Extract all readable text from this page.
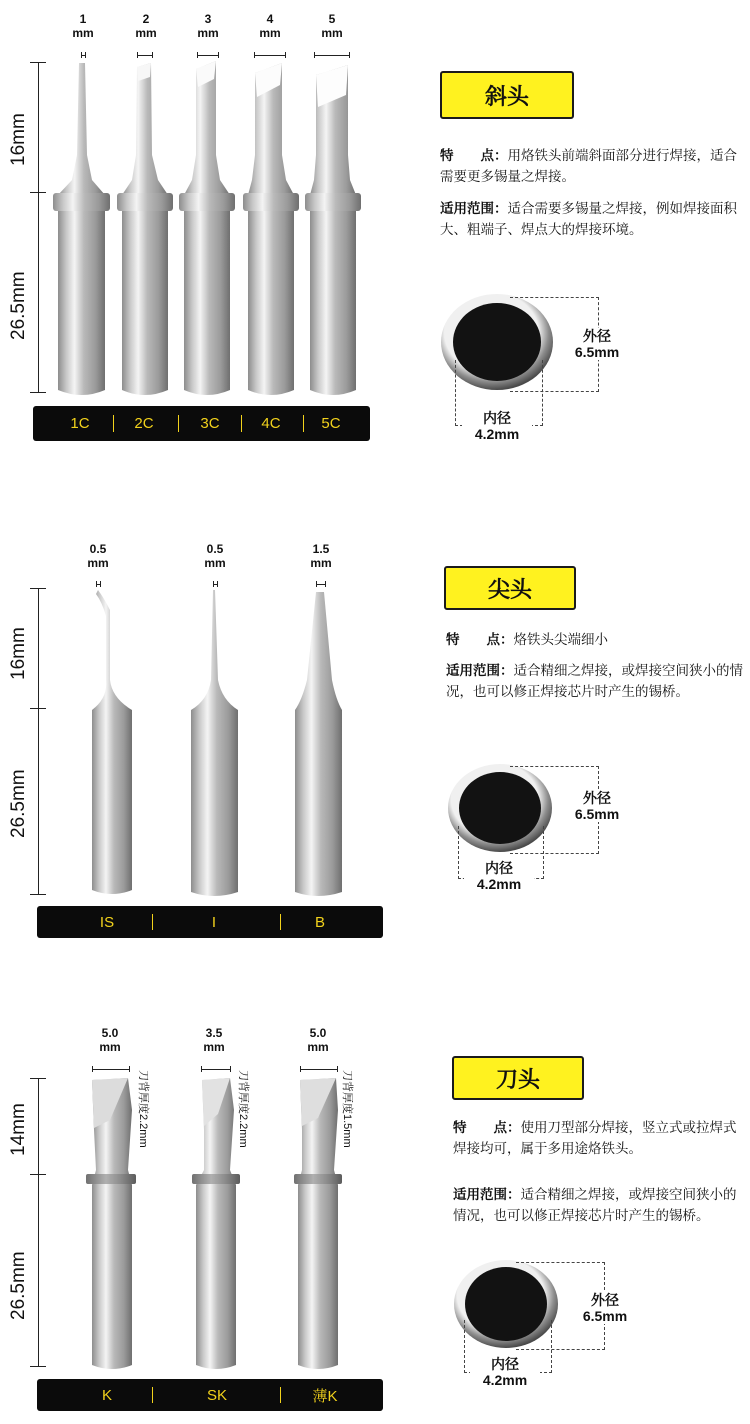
16mm
26.5mm
1
mm
2
mm
3
mm
4
mm
5
mm
1C	2C	3C	4C	5C
斜头
特　　点：用烙铁头前端斜面部分进行焊接，适合需要更多锡量之焊接。
适用范围：适合需要多锡量之焊接，例如焊接面积大、粗端子、焊点大的焊接环境。
外径
6.5mm
内径
4.2mm
16mm
26.5mm
0.5
mm
0.5
mm
1.5
mm
IS	I	B
尖头
特　　点：烙铁头尖端细小
适用范围：适合精细之焊接，或焊接空间狭小的情况，也可以修正焊接芯片时产生的锡桥。
外径
6.5mm
内径
4.2mm
14mm
26.5mm
5.0
mm
3.5
mm
5.0
mm
刀背厚度2.2mm	刀背厚度2.2mm	刀背厚度1.5mm
K	SK	薄K
刀头
特　　点：使用刀型部分焊接，竖立式或拉焊式焊接均可，属于多用途烙铁头。
适用范围：适合精细之焊接，或焊接空间狭小的情况，也可以修正焊接芯片时产生的锡桥。
外径
6.5mm
内径
4.2mm
